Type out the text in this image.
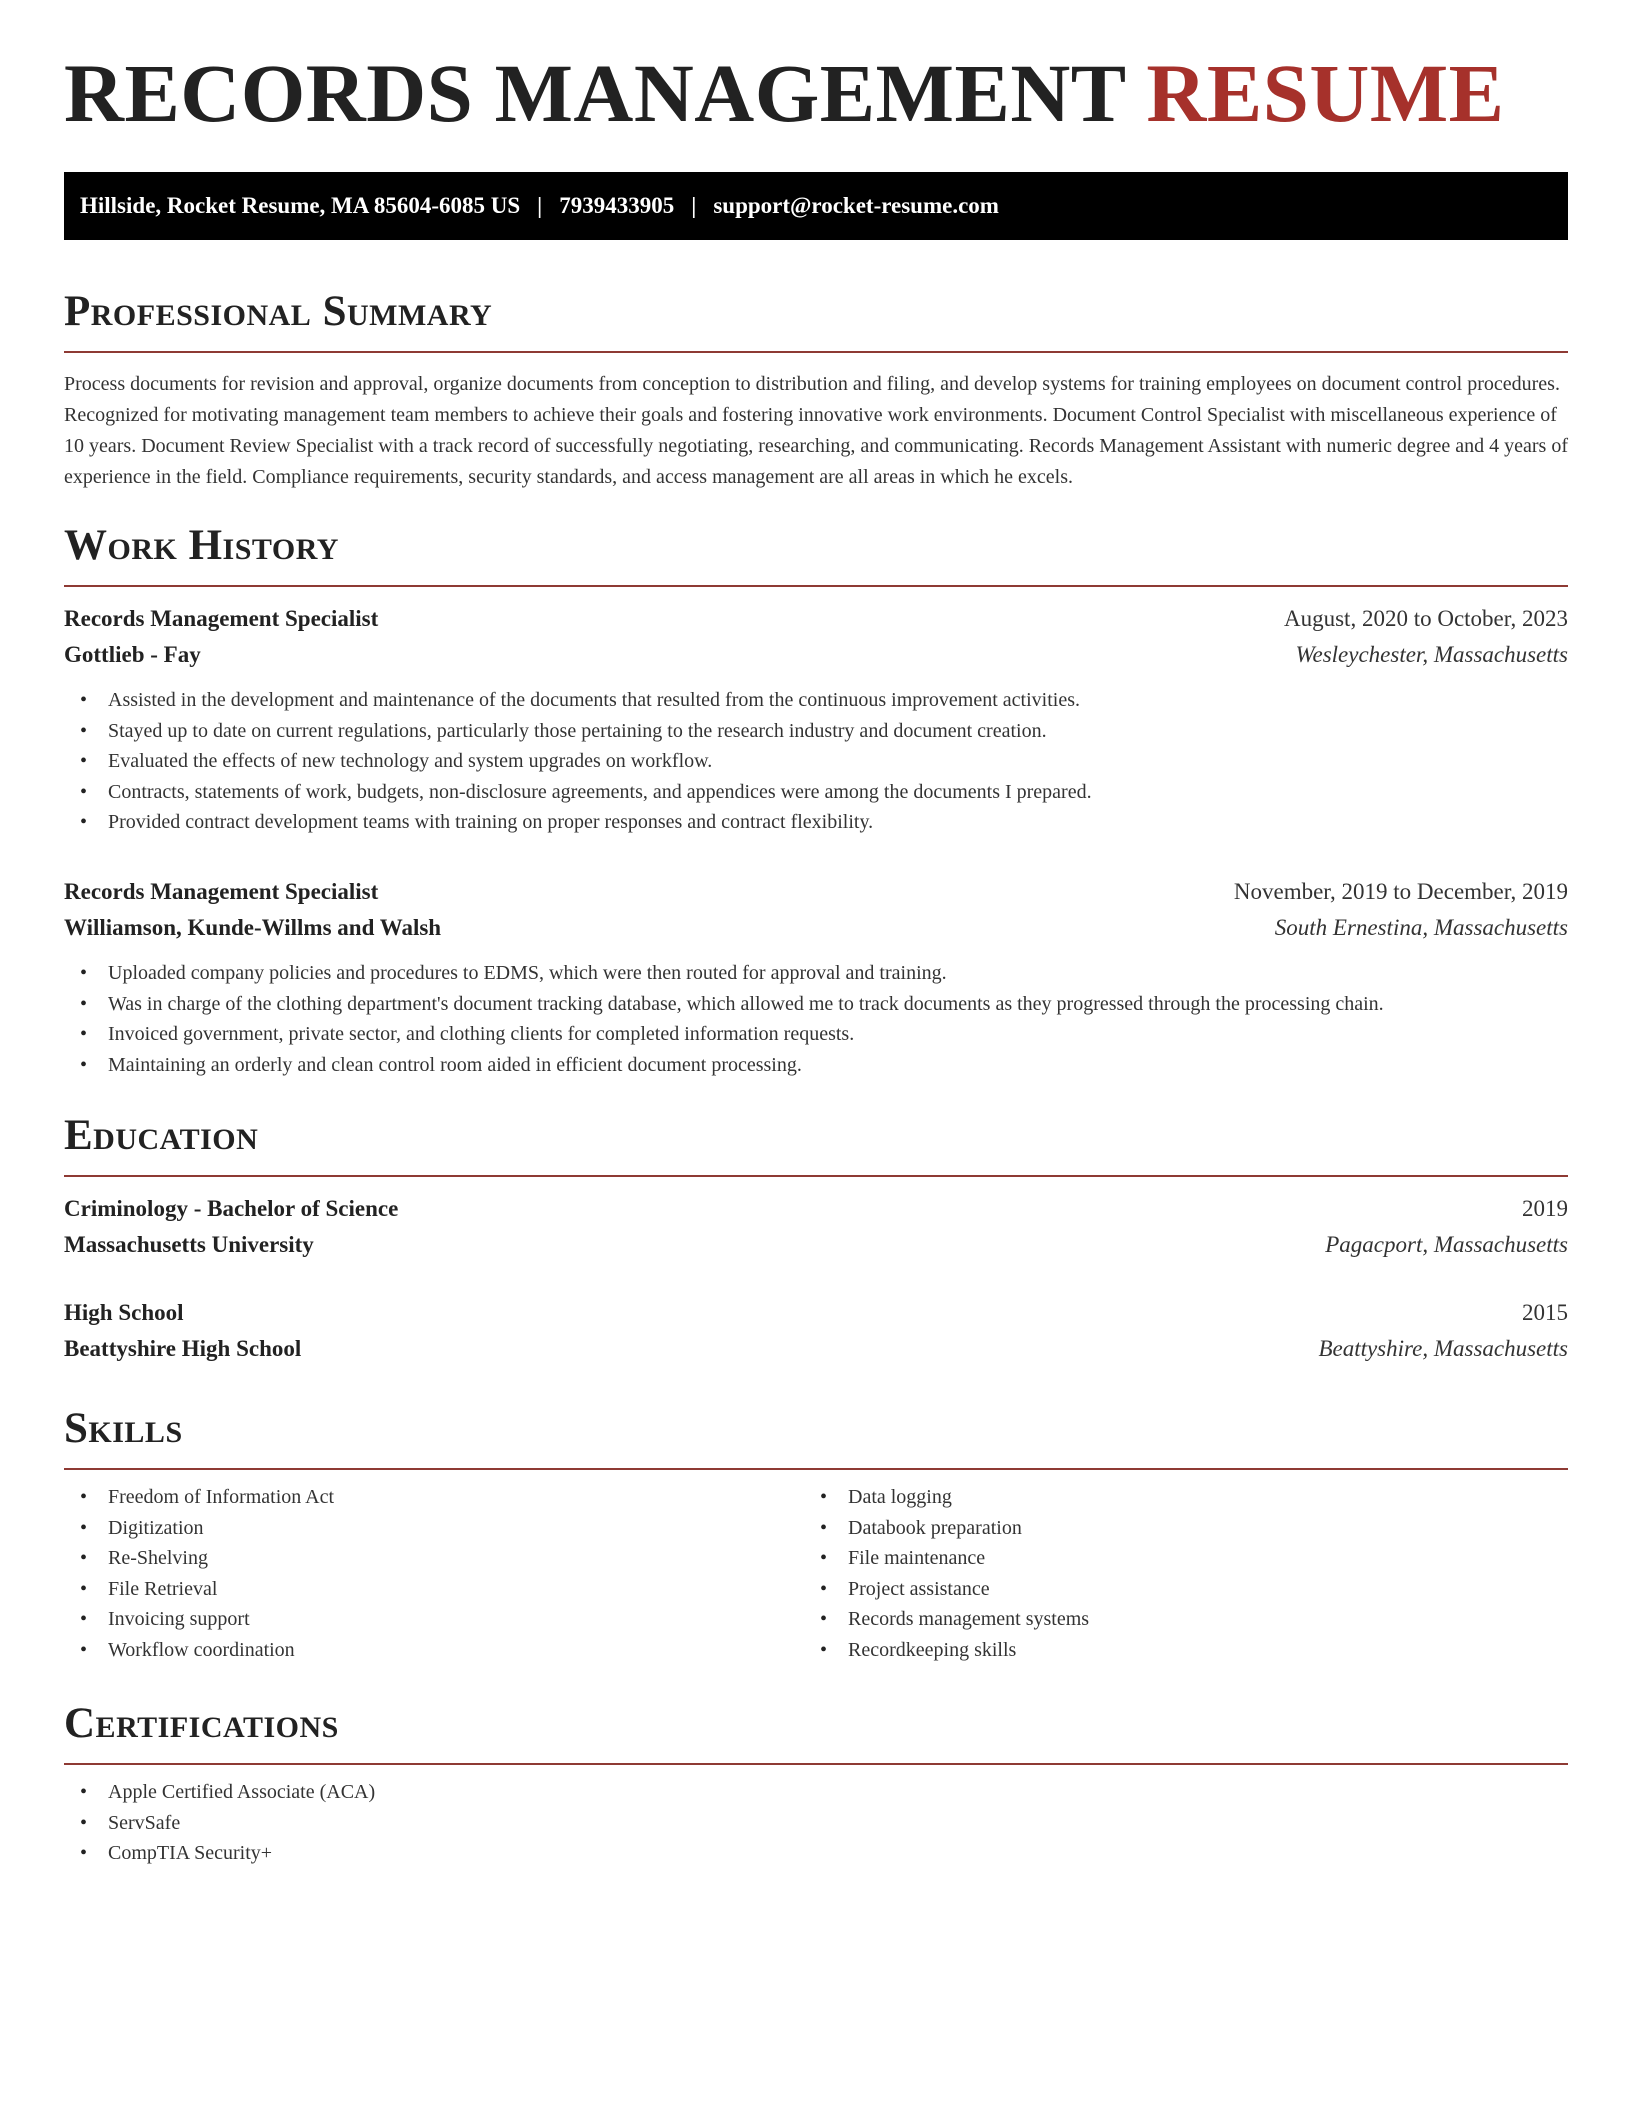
RECORDS MANAGEMENT RESUME
Hillside, Rocket Resume, MA 85604-6085 US | 7939433905 | support@rocket-resume.com
Professional Summary

Process documents for revision and approval, organize documents from conception to distribution and filing, and develop systems for training employees on document control procedures. Recognized for motivating management team members to achieve their goals and fostering innovative work environments. Document Control Specialist with miscellaneous experience of 10 years. Document Review Specialist with a track record of successfully negotiating, researching, and communicating. Records Management Assistant with numeric degree and 4 years of experience in the field. Compliance requirements, security standards, and access management are all areas in which he excels.

Work History
Records Management Specialist	August, 2020 to October, 2023
Gottlieb - Fay	Wesleychester, Massachusetts
• Assisted in the development and maintenance of the documents that resulted from the continuous improvement activities.
• Stayed up to date on current regulations, particularly those pertaining to the research industry and document creation.
• Evaluated the effects of new technology and system upgrades on workflow.
• Contracts, statements of work, budgets, non-disclosure agreements, and appendices were among the documents I prepared.
• Provided contract development teams with training on proper responses and contract flexibility.
Records Management Specialist	November, 2019 to December, 2019
Williamson, Kunde-Willms and Walsh	South Ernestina, Massachusetts
• Uploaded company policies and procedures to EDMS, which were then routed for approval and training.
• Was in charge of the clothing department's document tracking database, which allowed me to track documents as they progressed through the processing chain.
• Invoiced government, private sector, and clothing clients for completed information requests.
• Maintaining an orderly and clean control room aided in efficient document processing.
Education
Criminology - Bachelor of Science	2019
Massachusetts University	Pagacport, Massachusetts
High School	2015
Beattyshire High School	Beattyshire, Massachusetts
Skills
• Freedom of Information Act
• Digitization
• Re-Shelving
• File Retrieval
• Invoicing support
• Workflow coordination
• Data logging
• Databook preparation
• File maintenance
• Project assistance
• Records management systems
• Recordkeeping skills
Certifications
• Apple Certified Associate (ACA)
• ServSafe
• CompTIA Security+
